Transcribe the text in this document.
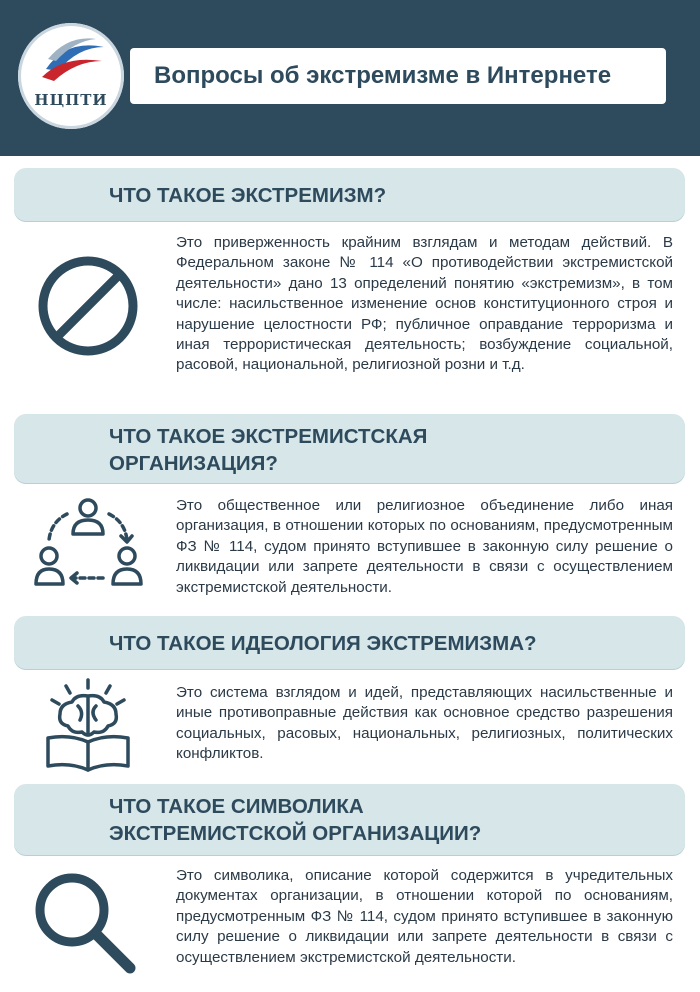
НЦПТИ
Вопросы об экстремизме в Интернете
ЧТО ТАКОЕ ЭКСТРЕМИЗМ?
Это приверженность крайним взглядам и методам действий. В Федеральном законе № 114 «О противодействии экстремистской деятельности» дано 13 определений понятию «экстремизм», в том числе: насильственное изменение основ конституционного строя и нарушение целостности РФ; публичное оправдание терроризма и иная террористическая деятельность; возбуждение социальной, расовой, национальной, религиозной розни и т.д.
ЧТО ТАКОЕ ЭКСТРЕМИСТСКАЯ
ОРГАНИЗАЦИЯ?
Это общественное или религиозное объединение либо иная организация, в отношении которых по основаниям, предусмотренным ФЗ № 114, судом принято вступившее в законную силу решение о ликвидации или запрете деятельности в связи с осуществлением экстремистской деятельности.
ЧТО ТАКОЕ ИДЕОЛОГИЯ ЭКСТРЕМИЗМА?
Это система взглядом и идей, представляющих насильственные и иные противоправные действия как основное средство разрешения социальных, расовых, национальных, религиозных, политических конфликтов.
ЧТО ТАКОЕ СИМВОЛИКА
ЭКСТРЕМИСТСКОЙ ОРГАНИЗАЦИИ?
Это символика, описание которой содержится в учредительных документах организации, в отношении которой по основаниям, предусмотренным ФЗ № 114, судом принято вступившее в законную силу решение о ликвидации или запрете деятельности в связи с осуществлением экстремистской деятельности.
